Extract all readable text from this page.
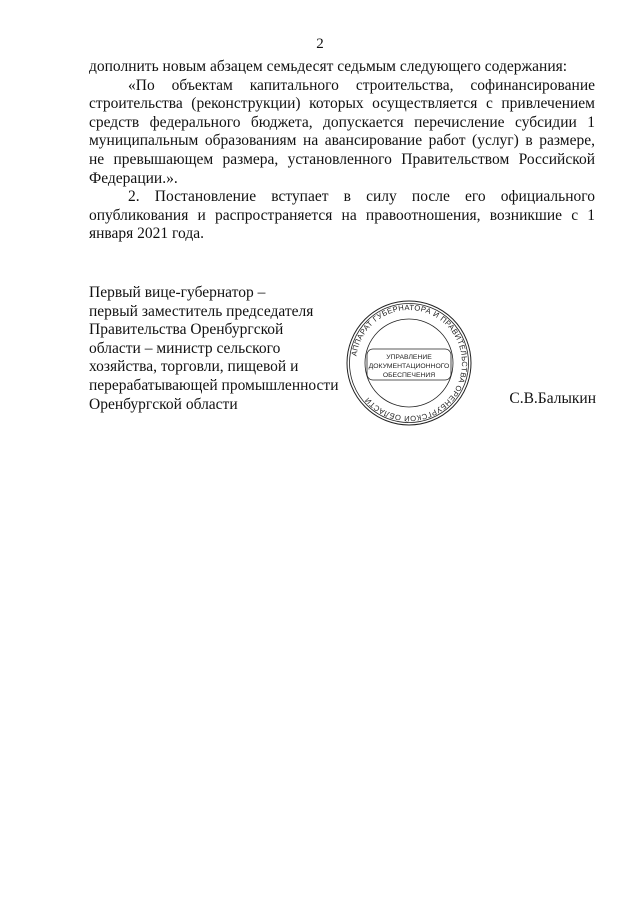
2

дополнить новым абзацем семьдесят седьмым следующего содержания:

«По объектам капитального строительства, софинансирование строительства (реконструкции) которых осуществляется с привлечением средств федерального бюджета, допускается перечисление субсидии 1 муниципальным образованиям на авансирование работ (услуг) в размере, не превышающем размера, установленного Правительством Российской Федерации.».

2. Постановление вступает в силу после его официального опубликования и распространяется на правоотношения, возникшие с 1 января 2021 года.

Первый вице-губернатор –
первый заместитель председателя
Правительства Оренбургской
области – министр сельского
хозяйства, торговли, пищевой и
перерабатывающей промышленности
Оренбургской области	С.В.Балыкин
АППАРАТ ГУБЕРНАТОРА И ПРАВИТЕЛЬСТВА ОРЕНБУРГСКОЙ ОБЛАСТИ
УПРАВЛЕНИЕ
ДОКУМЕНТАЦИОННОГО
ОБЕСПЕЧЕНИЯ
